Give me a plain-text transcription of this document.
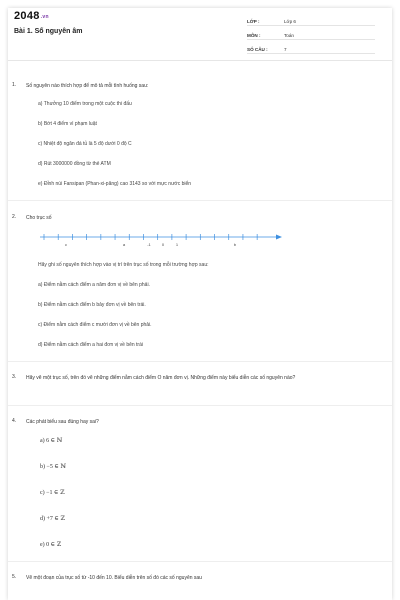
2048.vn
Bài 1. Số nguyên âm
LỚP :	Lớp 6
MÔN :	Toán
SỐ CÂU :	7
1. Số nguyên nào thích hợp để mô tả mỗi tình huống sau:
a) Thưởng 10 điểm trong một cuộc thi đấu
b) Bớt 4 điểm vì phạm luật
c) Nhiệt độ ngăn đá tủ là 5 độ dưới 0 độ C
d) Rút 3000000 đồng từ thẻ ATM
e) Đỉnh núi Fansipan (Phan-xi-păng) cao 3143 so với mực nước biển
2. Cho trục số
c	a	-1	0	1	b
Hãy ghi số nguyên thích hợp vào vị trí trên trục số trong mỗi trường hợp sau:
a) Điểm nằm cách điểm a năm đơn vị về bên phải.
b) Điểm nằm cách điểm b bảy đơn vị về bên trái.
c) Điểm nằm cách điểm c mười đơn vị về bên phải.
d) Điểm nằm cách điểm a hai đơn vị về bên trái
3. Hãy vẽ một trục số, trên đó vẽ những điểm nằm cách điểm O năm đơn vị. Những điểm này biểu diễn các số nguyên nào?
4. Các phát biểu sau đúng hay sai?
a) 6 ∈ ℕ
b) −5 ∈ ℕ
c) −1 ∈ ℤ
d) +7 ∈ ℤ
e) 0 ∈ ℤ
5. Vẽ một đoạn của trục số từ -10 đến 10. Biểu diễn trên số đó các số nguyên sau
